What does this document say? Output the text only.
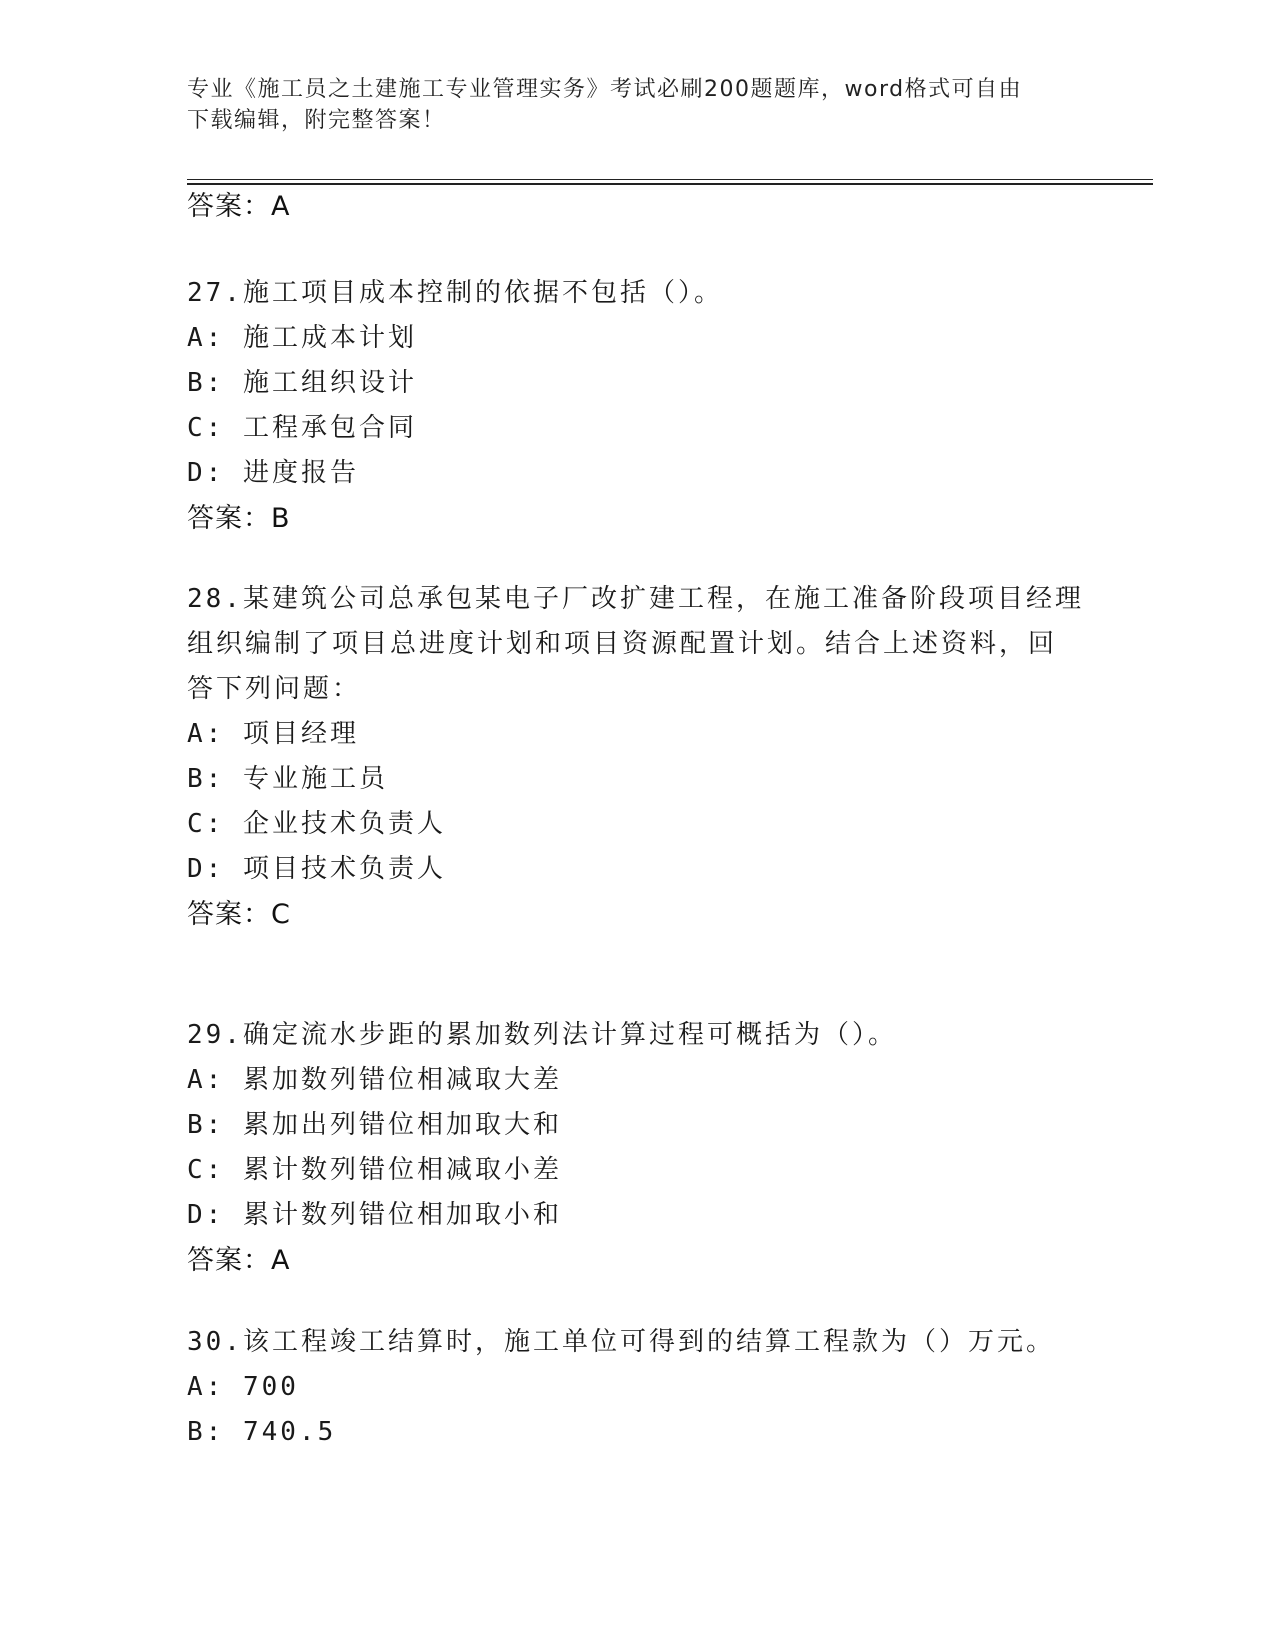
专业《施工员之土建施工专业管理实务》考试必刷200题题库，word格式可自由
下载编辑，附完整答案！
答案：A
27.施工项目成本控制的依据不包括（）。
A: 施工成本计划
B: 施工组织设计
C: 工程承包合同
D: 进度报告
答案：B
28.某建筑公司总承包某电子厂改扩建工程，在施工准备阶段项目经理
组织编制了项目总进度计划和项目资源配置计划。结合上述资料，回
答下列问题：
A: 项目经理
B: 专业施工员
C: 企业技术负责人
D: 项目技术负责人
答案：C
29.确定流水步距的累加数列法计算过程可概括为（）。
A: 累加数列错位相减取大差
B: 累加出列错位相加取大和
C: 累计数列错位相减取小差
D: 累计数列错位相加取小和
答案：A
30.该工程竣工结算时，施工单位可得到的结算工程款为（）万元。
A: 700
B: 740.5
